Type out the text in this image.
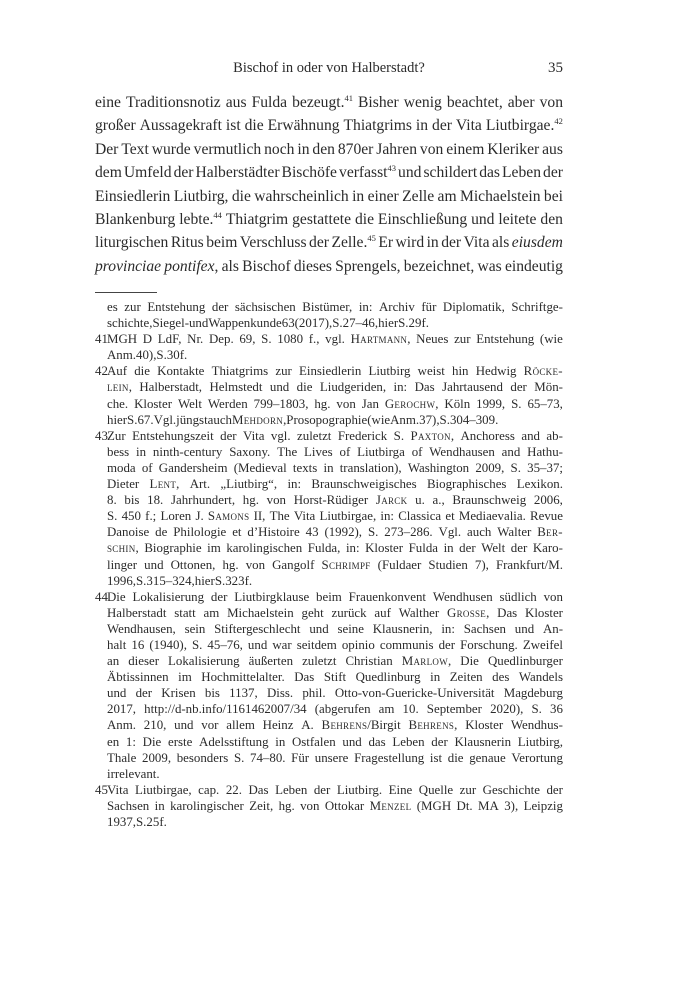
Bischof in oder von Halberstadt?	35
eine Traditionsnotiz aus Fulda bezeugt.$^{41}$ Bisher wenig beachtet, aber von
großer Aussagekraft ist die Erwähnung Thiatgrims in der Vita Liutbirgae.$^{42}$
Der Text wurde vermutlich noch in den 870er Jahren von einem Kleriker aus
dem Umfeld der Halberstädter Bischöfe verfasst$^{43}$ und schildert das Leben der
Einsiedlerin Liutbirg, die wahrscheinlich in einer Zelle am Michaelstein bei
Blankenburg lebte.$^{44}$ Thiatgrim gestattete die Einschließung und leitete den
liturgischen Ritus beim Verschluss der Zelle.$^{45}$ Er wird in der Vita als eiusdem
provinciae pontifex, als Bischof dieses Sprengels, bezeichnet, was eindeutig
es zur Entstehung der sächsischen Bistümer, in: Archiv für Diplomatik, Schriftge-
schichte, Siegel- und Wappenkunde 63 (2017), S. 27–46, hier S. 29 f.
41 MGH D LdF, Nr. Dep. 69, S. 1080 f., vgl. Hartmann, Neues zur Entstehung (wie
Anm. 40), S. 30 f.
42 Auf die Kontakte Thiatgrims zur Einsiedlerin Liutbirg weist hin Hedwig Röcke-
lein, Halberstadt, Helmstedt und die Liudgeriden, in: Das Jahrtausend der Mön-
che. Kloster Welt Werden 799–1803, hg. von Jan Gerochw, Köln 1999, S. 65–73,
hier S. 67. Vgl. jüngst auch Mehdorn, Prosopographie (wie Anm. 37), S. 304–309.
43 Zur Entstehungszeit der Vita vgl. zuletzt Frederick S. Paxton, Anchoress and ab-
bess in ninth-century Saxony. The Lives of Liutbirga of Wendhausen and Hathu-
moda of Gandersheim (Medieval texts in translation), Washington 2009, S. 35–37;
Dieter Lent, Art. „Liutbirg“, in: Braunschweigisches Biographisches Lexikon.
8. bis 18. Jahrhundert, hg. von Horst-Rüdiger Jarck u. a., Braunschweig 2006,
S. 450 f.; Loren J. Samons II, The Vita Liutbirgae, in: Classica et Mediaevalia. Revue
Danoise de Philologie et d’Histoire 43 (1992), S. 273–286. Vgl. auch Walter Ber-
schin, Biographie im karolingischen Fulda, in: Kloster Fulda in der Welt der Karo-
linger und Ottonen, hg. von Gangolf Schrimpf (Fuldaer Studien 7), Frankfurt/M.
1996, S. 315–324, hier S. 323 f.
44 Die Lokalisierung der Liutbirgklause beim Frauenkonvent Wendhusen südlich von
Halberstadt statt am Michaelstein geht zurück auf Walther Grosse, Das Kloster
Wendhausen, sein Stiftergeschlecht und seine Klausnerin, in: Sachsen und An-
halt 16 (1940), S. 45–76, und war seitdem opinio communis der Forschung. Zweifel
an dieser Lokalisierung äußerten zuletzt Christian Marlow, Die Quedlinburger
Äbtissinnen im Hochmittelalter. Das Stift Quedlinburg in Zeiten des Wandels
und der Krisen bis 1137, Diss. phil. Otto-von-Guericke-Universität Magdeburg
2017, http://d-nb.info/1161462007/34 (abgerufen am 10. September 2020), S. 36
Anm. 210, und vor allem Heinz A. Behrens/Birgit Behrens, Kloster Wendhus-
en 1: Die erste Adelsstiftung in Ostfalen und das Leben der Klausnerin Liutbirg,
Thale 2009, besonders S. 74–80. Für unsere Fragestellung ist die genaue Verortung
irrelevant.
45 Vita Liutbirgae, cap. 22. Das Leben der Liutbirg. Eine Quelle zur Geschichte der
Sachsen in karolingischer Zeit, hg. von Ottokar Menzel (MGH Dt. MA 3), Leipzig
1937, S. 25 f.
